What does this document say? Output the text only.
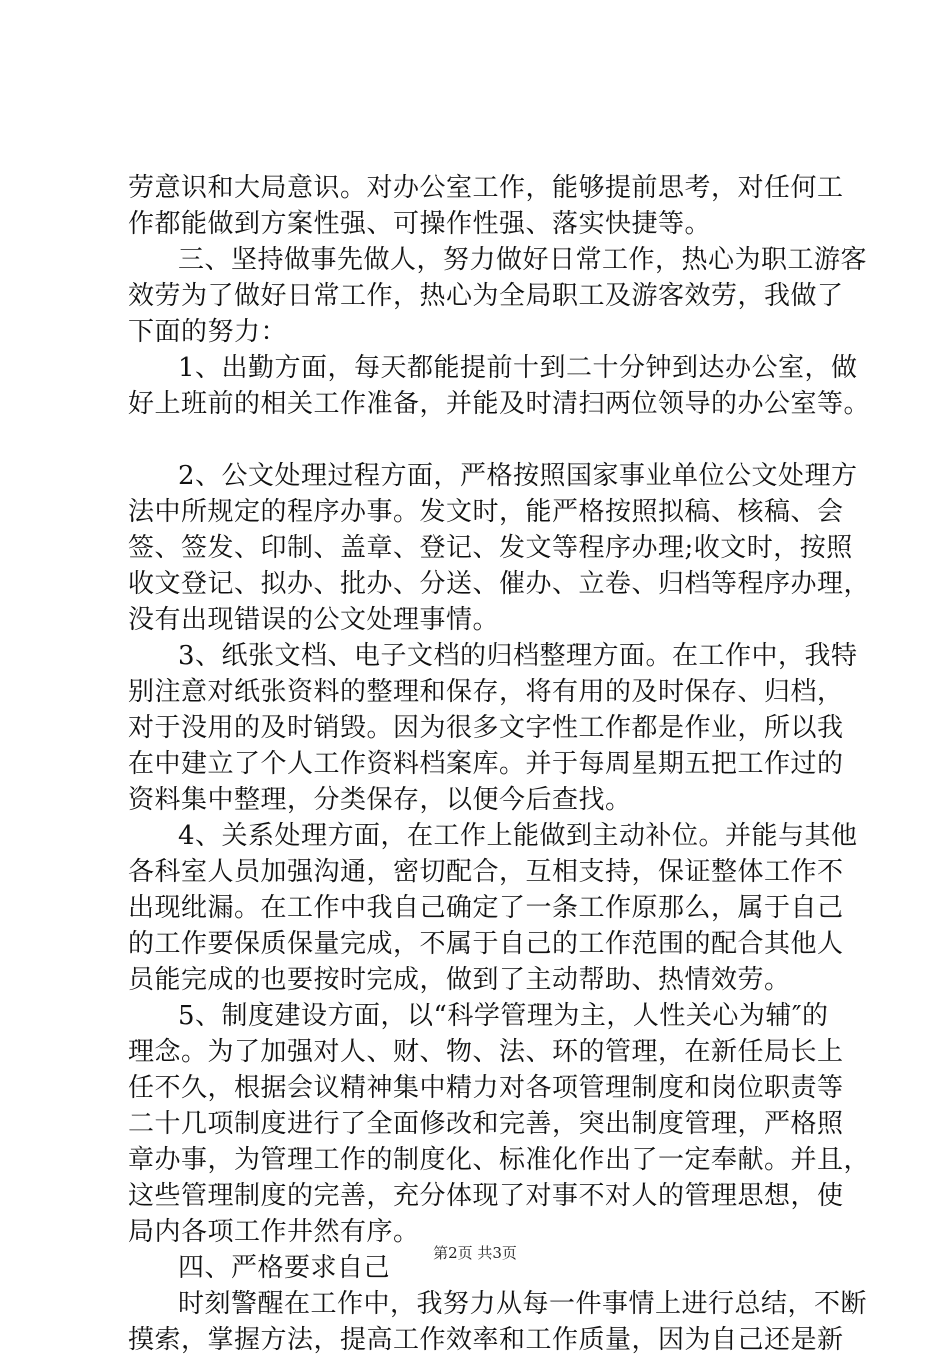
劳意识和大局意识。对办公室工作，能够提前思考，对任何工
作都能做到方案性强、可操作性强、落实快捷等。
三、坚持做事先做人，努力做好日常工作，热心为职工游客
效劳为了做好日常工作，热心为全局职工及游客效劳，我做了
下面的努力：
1、出勤方面，每天都能提前十到二十分钟到达办公室，做
好上班前的相关工作准备，并能及时清扫两位领导的办公室等。
2、公文处理过程方面，严格按照国家事业单位公文处理方
法中所规定的程序办事。发文时，能严格按照拟稿、核稿、会
签、签发、印制、盖章、登记、发文等程序办理;收文时，按照
收文登记、拟办、批办、分送、催办、立卷、归档等程序办理，
没有出现错误的公文处理事情。
3、纸张文档、电子文档的归档整理方面。在工作中，我特
别注意对纸张资料的整理和保存，将有用的及时保存、归档，
对于没用的及时销毁。因为很多文字性工作都是作业，所以我
在中建立了个人工作资料档案库。并于每周星期五把工作过的
资料集中整理，分类保存，以便今后查找。
4、关系处理方面，在工作上能做到主动补位。并能与其他
各科室人员加强沟通，密切配合，互相支持，保证整体工作不
出现纰漏。在工作中我自己确定了一条工作原那么，属于自己
的工作要保质保量完成，不属于自己的工作范围的配合其他人
员能完成的也要按时完成，做到了主动帮助、热情效劳。
5、制度建设方面，以“科学管理为主，人性关心为辅″的
理念。为了加强对人、财、物、法、环的管理，在新任局长上
任不久，根据会议精神集中精力对各项管理制度和岗位职责等
二十几项制度进行了全面修改和完善，突出制度管理，严格照
章办事，为管理工作的制度化、标准化作出了一定奉献。并且，
这些管理制度的完善，充分体现了对事不对人的管理思想，使
局内各项工作井然有序。
四、严格要求自己
时刻警醒在工作中，我努力从每一件事情上进行总结，不断
摸索，掌握方法，提高工作效率和工作质量，因为自己还是新
第2页 共3页
